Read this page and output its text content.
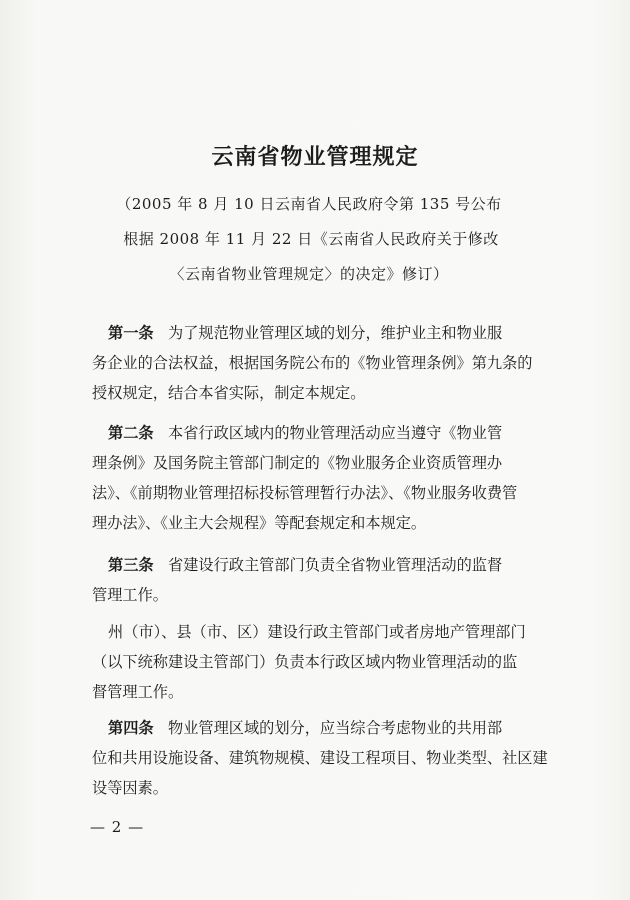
云南省物业管理规定
（2005 年 8 月 10 日云南省人民政府令第 135 号公布
根据 2008 年 11 月 22 日《云南省人民政府关于修改
〈云南省物业管理规定〉的决定》修订）
第一条 为了规范物业管理区域的划分，维护业主和物业服
务企业的合法权益，根据国务院公布的《物业管理条例》第九条的
授权规定，结合本省实际，制定本规定。
第二条 本省行政区域内的物业管理活动应当遵守《物业管
理条例》及国务院主管部门制定的《物业服务企业资质管理办
法》、《前期物业管理招标投标管理暂行办法》、《物业服务收费管
理办法》、《业主大会规程》等配套规定和本规定。
第三条 省建设行政主管部门负责全省物业管理活动的监督
管理工作。
州（市）、县（市、区）建设行政主管部门或者房地产管理部门
（以下统称建设主管部门）负责本行政区域内物业管理活动的监
督管理工作。
第四条 物业管理区域的划分，应当综合考虑物业的共用部
位和共用设施设备、建筑物规模、建设工程项目、物业类型、社区建
设等因素。
— 2 —
